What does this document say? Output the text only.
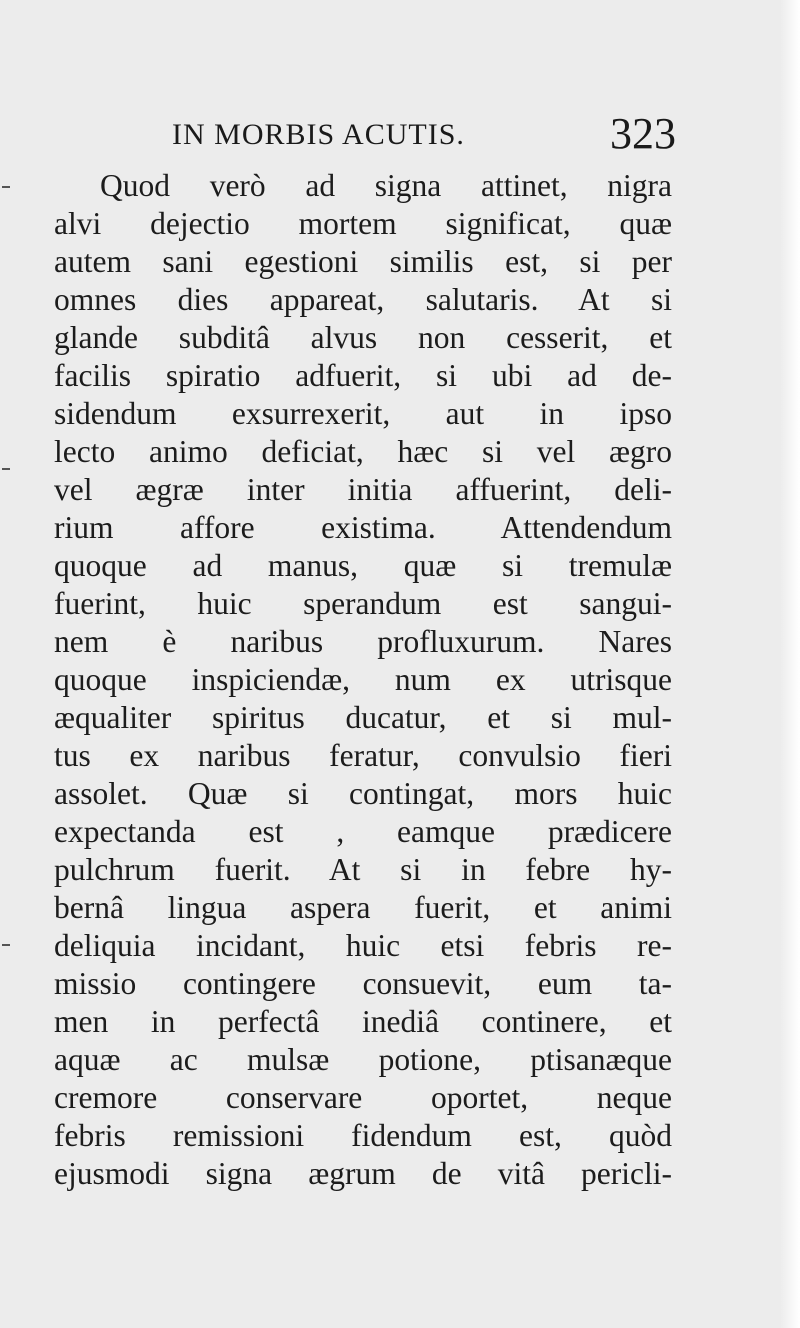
IN MORBIS ACUTIS.	323
Quod verò ad signa attinet, nigra
alvi dejectio mortem significat, quæ
autem sani egestioni similis est, si per
omnes dies appareat, salutaris. At si
glande subditâ alvus non cesserit, et
facilis spiratio adfuerit, si ubi ad de-
sidendum exsurrexerit, aut in ipso
lecto animo deficiat, hæc si vel ægro
vel ægræ inter initia affuerint, deli-
rium affore existima. Attendendum
quoque ad manus, quæ si tremulæ
fuerint, huic sperandum est sangui-
nem è naribus profluxurum. Nares
quoque inspiciendæ, num ex utrisque
æqualiter spiritus ducatur, et si mul-
tus ex naribus feratur, convulsio fieri
assolet. Quæ si contingat, mors huic
expectanda est , eamque prædicere
pulchrum fuerit. At si in febre hy-
bernâ lingua aspera fuerit, et animi
deliquia incidant, huic etsi febris re-
missio contingere consuevit, eum ta-
men in perfectâ inediâ continere, et
aquæ ac mulsæ potione, ptisanæque
cremore conservare oportet, neque
febris remissioni fidendum est, quòd
ejusmodi signa ægrum de vitâ pericli-
